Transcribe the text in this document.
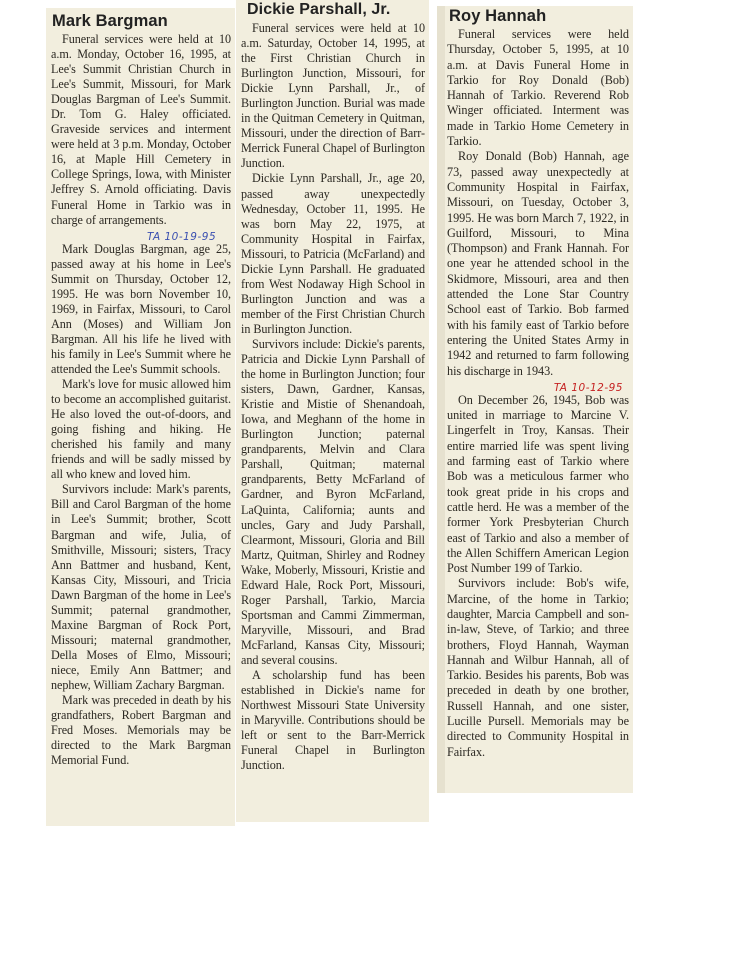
Mark Bargman

Funeral services were held at 10 a.m. Monday, October 16, 1995, at Lee's Summit Christian Church in Lee's Summit, Missouri, for Mark Douglas Bargman of Lee's Summit. Dr. Tom G. Haley officiated. Graveside services and interment were held at 3 p.m. Monday, October 16, at Maple Hill Cemetery in College Springs, Iowa, with Minister Jeffrey S. Arnold officiating. Davis Funeral Home in Tarkio was in charge of arrangements.

TA 10-19-95

Mark Douglas Bargman, age 25, passed away at his home in Lee's Summit on Thursday, October 12, 1995. He was born November 10, 1969, in Fairfax, Missouri, to Carol Ann (Moses) and William Jon Bargman. All his life he lived with his family in Lee's Summit where he attended the Lee's Summit schools.

Mark's love for music allowed him to become an accomplished guitarist. He also loved the out-of-doors, and going fishing and hiking. He cherished his family and many friends and will be sadly missed by all who knew and loved him.

Survivors include: Mark's parents, Bill and Carol Bargman of the home in Lee's Summit; brother, Scott Bargman and wife, Julia, of Smithville, Missouri; sisters, Tracy Ann Battmer and husband, Kent, Kansas City, Missouri, and Tricia Dawn Bargman of the home in Lee's Summit; paternal grandmother, Maxine Bargman of Rock Port, Missouri; maternal grandmother, Della Moses of Elmo, Missouri; niece, Emily Ann Battmer; and nephew, William Zachary Bargman.

Mark was preceded in death by his grandfathers, Robert Bargman and Fred Moses. Memorials may be directed to the Mark Bargman Memorial Fund.

Dickie Parshall, Jr.

Funeral services were held at 10 a.m. Saturday, October 14, 1995, at the First Christian Church in Burlington Junction, Missouri, for Dickie Lynn Parshall, Jr., of Burlington Junction. Burial was made in the Quitman Cemetery in Quitman, Missouri, under the direction of Barr-Merrick Funeral Chapel of Burlington Junction.

Dickie Lynn Parshall, Jr., age 20, passed away unexpectedly Wednesday, October 11, 1995. He was born May 22, 1975, at Community Hospital in Fairfax, Missouri, to Patricia (McFarland) and Dickie Lynn Parshall. He graduated from West Nodaway High School in Burlington Junction and was a member of the First Christian Church in Burlington Junction.

Survivors include: Dickie's parents, Patricia and Dickie Lynn Parshall of the home in Burlington Junction; four sisters, Dawn, Gardner, Kansas, Kristie and Mistie of Shenandoah, Iowa, and Meghann of the home in Burlington Junction; paternal grandparents, Melvin and Clara Parshall, Quitman; maternal grandparents, Betty McFarland of Gardner, and Byron McFarland, LaQuinta, California; aunts and uncles, Gary and Judy Parshall, Clearmont, Missouri, Gloria and Bill Martz, Quitman, Shirley and Rodney Wake, Moberly, Missouri, Kristie and Edward Hale, Rock Port, Missouri, Roger Parshall, Tarkio, Marcia Sportsman and Cammi Zimmerman, Maryville, Missouri, and Brad McFarland, Kansas City, Missouri; and several cousins.

A scholarship fund has been established in Dickie's name for Northwest Missouri State University in Maryville. Contributions should be left or sent to the Barr-Merrick Funeral Chapel in Burlington Junction.

Roy Hannah

Funeral services were held Thursday, October 5, 1995, at 10 a.m. at Davis Funeral Home in Tarkio for Roy Donald (Bob) Hannah of Tarkio. Reverend Rob Winger officiated. Interment was made in Tarkio Home Cemetery in Tarkio.

Roy Donald (Bob) Hannah, age 73, passed away unexpectedly at Community Hospital in Fairfax, Missouri, on Tuesday, October 3, 1995. He was born March 7, 1922, in Guilford, Missouri, to Mina (Thompson) and Frank Hannah. For one year he attended school in the Skidmore, Missouri, area and then attended the Lone Star Country School east of Tarkio. Bob farmed with his family east of Tarkio before entering the United States Army in 1942 and returned to farm following his discharge in 1943.

TA 10-12-95

On December 26, 1945, Bob was united in marriage to Marcine V. Lingerfelt in Troy, Kansas. Their entire married life was spent living and farming east of Tarkio where Bob was a meticulous farmer who took great pride in his crops and cattle herd. He was a member of the former York Presbyterian Church east of Tarkio and also a member of the Allen Schiffern American Legion Post Number 199 of Tarkio.

Survivors include: Bob's wife, Marcine, of the home in Tarkio; daughter, Marcia Campbell and son-in-law, Steve, of Tarkio; and three brothers, Floyd Hannah, Wayman Hannah and Wilbur Hannah, all of Tarkio. Besides his parents, Bob was preceded in death by one brother, Russell Hannah, and one sister, Lucille Pursell. Memorials may be directed to Community Hospital in Fairfax.
